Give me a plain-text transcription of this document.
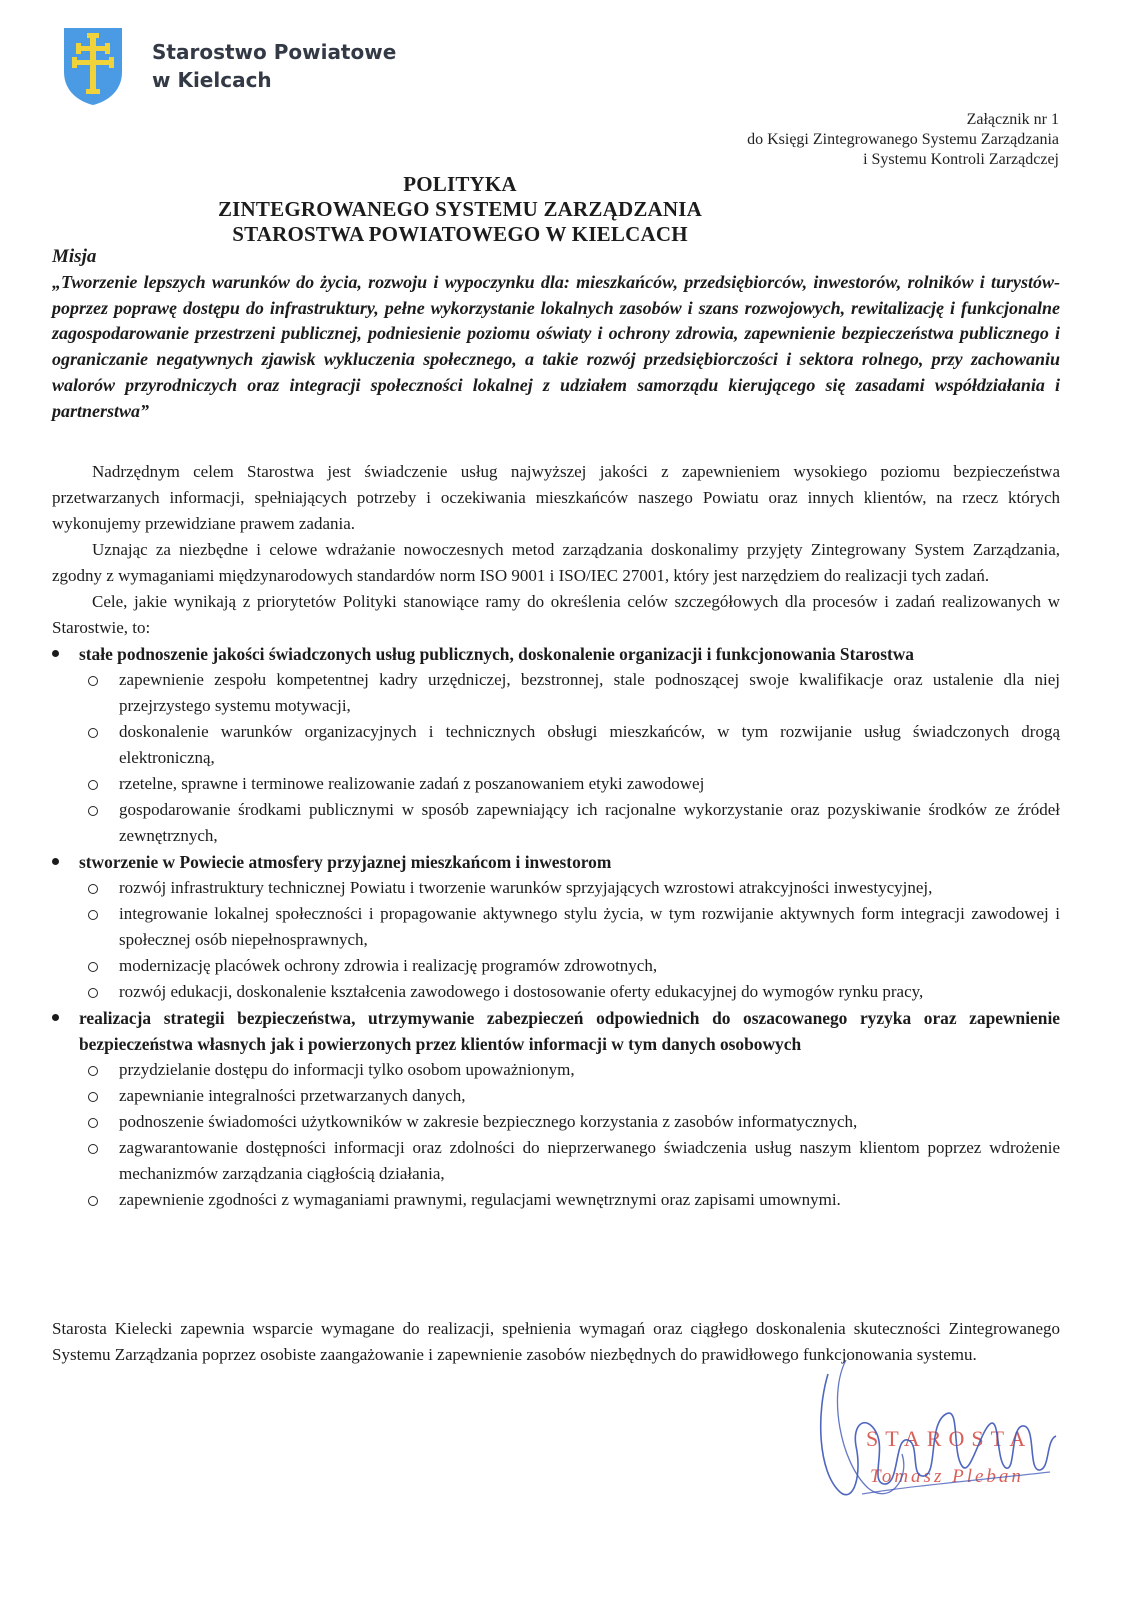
Starostwo Powiatowe
w Kielcach
Załącznik nr 1
do Księgi Zintegrowanego Systemu Zarządzania
i Systemu Kontroli Zarządczej
POLITYKA
ZINTEGROWANEGO SYSTEMU ZARZĄDZANIA
STAROSTWA POWIATOWEGO W KIELCACH
Misja
„Tworzenie lepszych warunków do życia, rozwoju i wypoczynku dla: mieszkańców, przedsiębiorców, inwestorów, rolników i turystów-poprzez poprawę dostępu do infrastruktury, pełne wykorzystanie lokalnych zasobów i szans rozwojowych, rewitalizację i funkcjonalne zagospodarowanie przestrzeni publicznej, podniesienie poziomu oświaty i ochrony zdrowia, zapewnienie bezpieczeństwa publicznego i ograniczanie negatywnych zjawisk wykluczenia społecznego, a takie rozwój przedsiębiorczości i sektora rolnego, przy zachowaniu walorów przyrodniczych oraz integracji społeczności lokalnej z udziałem samorządu kierującego się zasadami współdziałania i partnerstwa”

Nadrzędnym celem Starostwa jest świadczenie usług najwyższej jakości z zapewnieniem wysokiego poziomu bezpieczeństwa przetwarzanych informacji, spełniających potrzeby i oczekiwania mieszkańców naszego Powiatu oraz innych klientów, na rzecz których wykonujemy przewidziane prawem zadania.

Uznając za niezbędne i celowe wdrażanie nowoczesnych metod zarządzania doskonalimy przyjęty Zintegrowany System Zarządzania, zgodny z wymaganiami międzynarodowych standardów norm ISO 9001 i ISO/IEC 27001, który jest narzędziem do realizacji tych zadań.

Cele, jakie wynikają z priorytetów Polityki stanowiące ramy do określenia celów szczegółowych dla procesów i zadań realizowanych w Starostwie, to:

stałe podnoszenie jakości świadczonych usług publicznych, doskonalenie organizacji i funkcjonowania Starostwa
zapewnienie zespołu kompetentnej kadry urzędniczej, bezstronnej, stale podnoszącej swoje kwalifikacje oraz ustalenie dla niej przejrzystego systemu motywacji,
doskonalenie warunków organizacyjnych i technicznych obsługi mieszkańców, w tym rozwijanie usług świadczonych drogą elektroniczną,
rzetelne, sprawne i terminowe realizowanie zadań z poszanowaniem etyki zawodowej
gospodarowanie środkami publicznymi w sposób zapewniający ich racjonalne wykorzystanie oraz pozyskiwanie środków ze źródeł zewnętrznych,
stworzenie w Powiecie atmosfery przyjaznej mieszkańcom i inwestorom
rozwój infrastruktury technicznej Powiatu i tworzenie warunków sprzyjających wzrostowi atrakcyjności inwestycyjnej,
integrowanie lokalnej społeczności i propagowanie aktywnego stylu życia, w tym rozwijanie aktywnych form integracji zawodowej i społecznej osób niepełnosprawnych,
modernizację placówek ochrony zdrowia i realizację programów zdrowotnych,
rozwój edukacji, doskonalenie kształcenia zawodowego i dostosowanie oferty edukacyjnej do wymogów rynku pracy,
realizacja strategii bezpieczeństwa, utrzymywanie zabezpieczeń odpowiednich do oszacowanego ryzyka oraz zapewnienie bezpieczeństwa własnych jak i powierzonych przez klientów informacji w tym danych osobowych
przydzielanie dostępu do informacji tylko osobom upoważnionym,
zapewnianie integralności przetwarzanych danych,
podnoszenie świadomości użytkowników w zakresie bezpiecznego korzystania z zasobów informatycznych,
zagwarantowanie dostępności informacji oraz zdolności do nieprzerwanego świadczenia usług naszym klientom poprzez wdrożenie mechanizmów zarządzania ciągłością działania,
zapewnienie zgodności z wymaganiami prawnymi, regulacjami wewnętrznymi oraz zapisami umownymi.
Starosta Kielecki zapewnia wsparcie wymagane do realizacji, spełnienia wymagań oraz ciągłego doskonalenia skuteczności Zintegrowanego Systemu Zarządzania poprzez osobiste zaangażowanie i zapewnienie zasobów niezbędnych do prawidłowego funkcjonowania systemu.
STAROSTA
Tomasz Pleban
